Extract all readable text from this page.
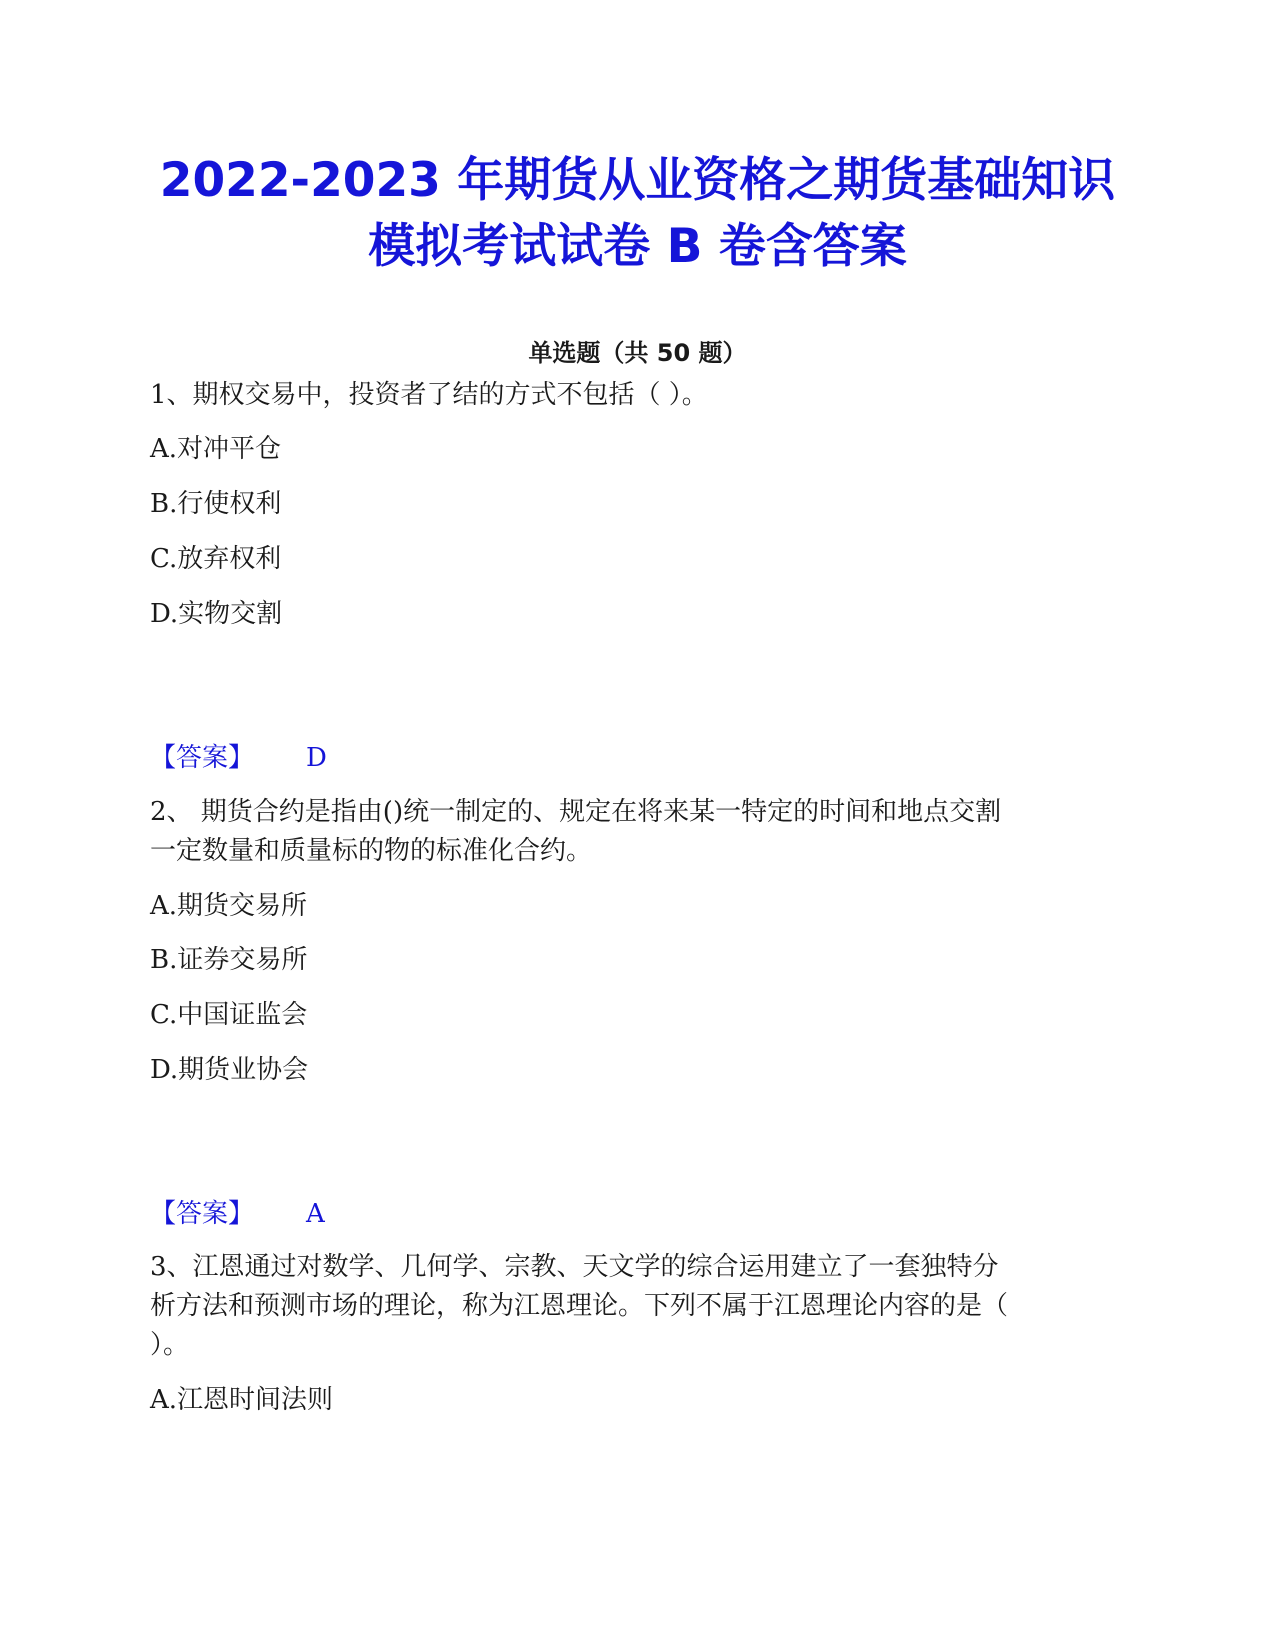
2022-2023 年期货从业资格之期货基础知识
模拟考试试卷 B 卷含答案
单选题（共 50 题）
1、期权交易中，投资者了结的方式不包括（ ）。
A.对冲平仓
B.行使权利
C.放弃权利
D.实物交割
【答案】 D
2、 期货合约是指由()统一制定的、规定在将来某一特定的时间和地点交割
一定数量和质量标的物的标准化合约。
A.期货交易所
B.证券交易所
C.中国证监会
D.期货业协会
【答案】 A
3、江恩通过对数学、几何学、宗教、天文学的综合运用建立了一套独特分
析方法和预测市场的理论，称为江恩理论。下列不属于江恩理论内容的是（
）。
A.江恩时间法则
